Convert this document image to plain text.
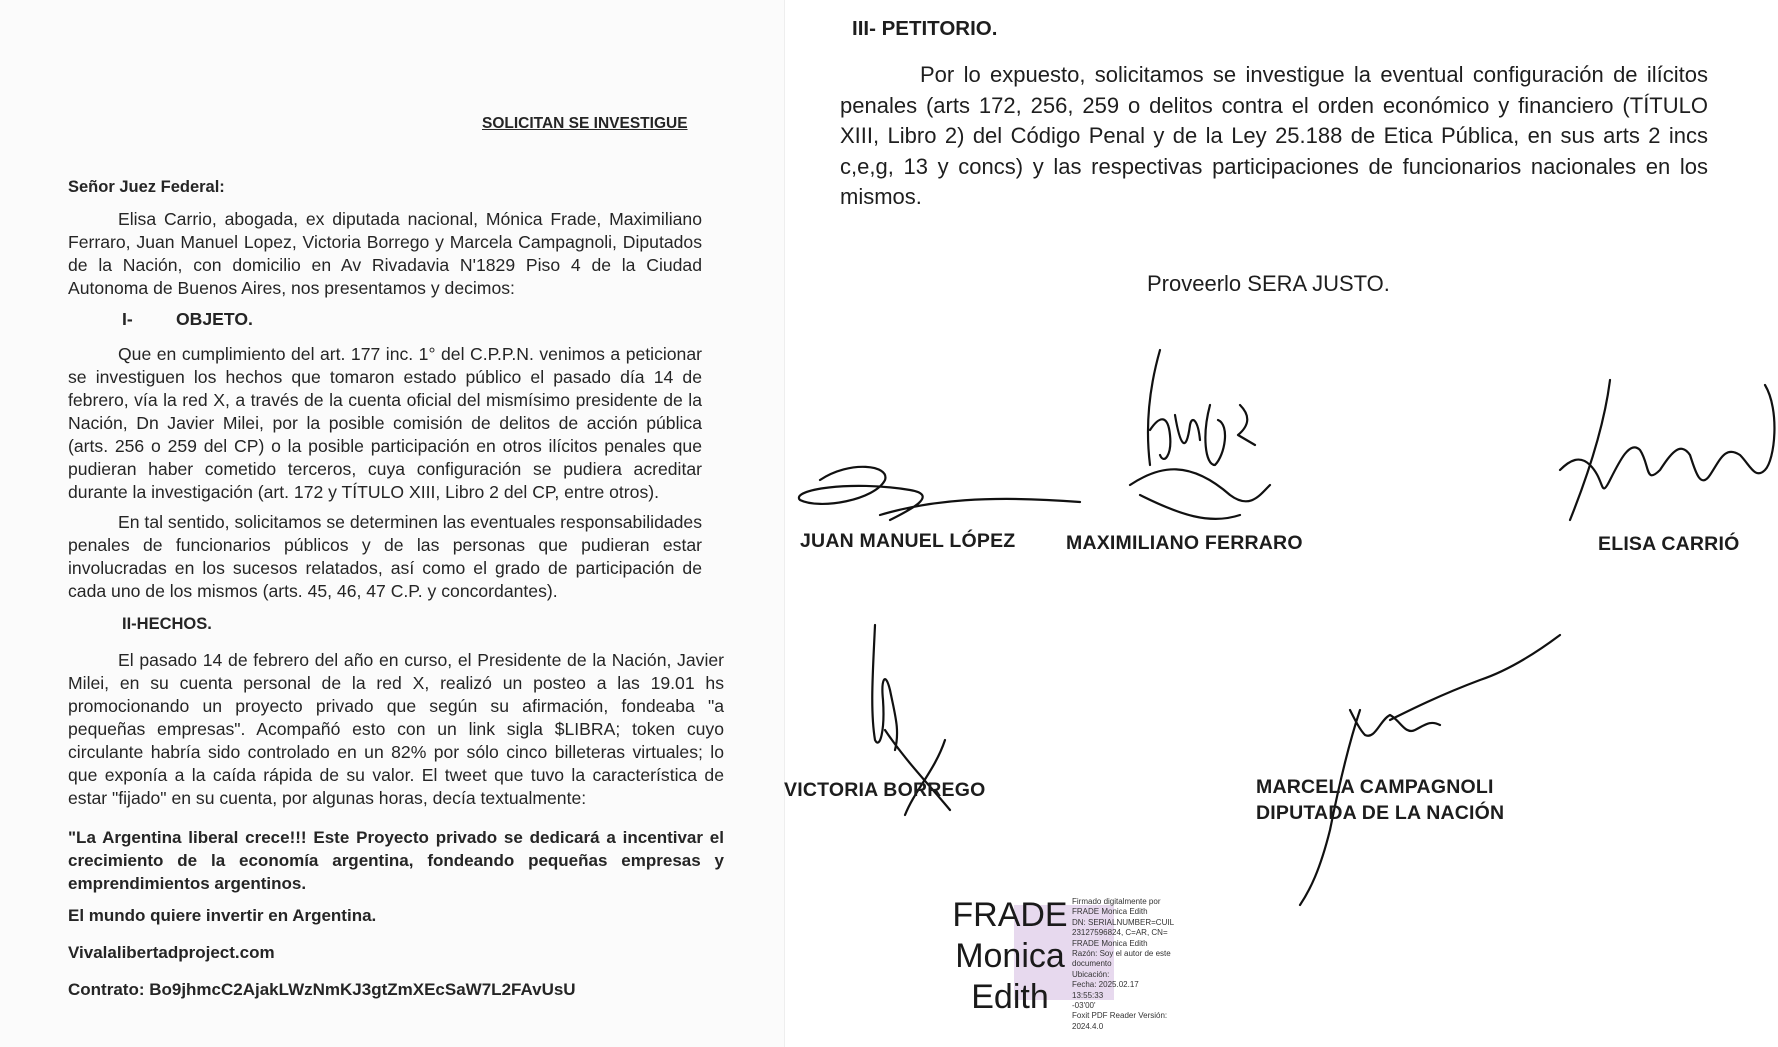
SOLICITAN SE INVESTIGUE
Señor Juez Federal:
Elisa Carrio, abogada, ex diputada nacional, Mónica Frade, Maximiliano Ferraro, Juan Manuel Lopez, Victoria Borrego y Marcela Campagnoli, Diputados de la Nación, con domicilio en Av Rivadavia N'1829 Piso 4 de la Ciudad Autonoma de Buenos Aires, nos presentamos y decimos:
I- OBJETO.
Que en cumplimiento del art. 177 inc. 1° del C.P.P.N. venimos a peticionar se investiguen los hechos que tomaron estado público el pasado día 14 de febrero, vía la red X, a través de la cuenta oficial del mismísimo presidente de la Nación, Dn Javier Milei, por la posible comisión de delitos de acción pública (arts. 256 o 259 del CP) o la posible participación en otros ilícitos penales que pudieran haber cometido terceros, cuya configuración se pudiera acreditar durante la investigación (art. 172 y TÍTULO XIII, Libro 2 del CP, entre otros).
En tal sentido, solicitamos se determinen las eventuales responsabilidades penales de funcionarios públicos y de las personas que pudieran estar involucradas en los sucesos relatados, así como el grado de participación de cada uno de los mismos (arts. 45, 46, 47 C.P. y concordantes).
II-HECHOS.
El pasado 14 de febrero del año en curso, el Presidente de la Nación, Javier Milei, en su cuenta personal de la red X, realizó un posteo a las 19.01 hs promocionando un proyecto privado que según su afirmación, fondeaba "a pequeñas empresas". Acompañó esto con un link sigla $LIBRA; token cuyo circulante habría sido controlado en un 82% por sólo cinco billeteras virtuales; lo que exponía a la caída rápida de su valor. El tweet que tuvo la característica de estar "fijado" en su cuenta, por algunas horas, decía textualmente:
"La Argentina liberal crece!!! Este Proyecto privado se dedicará a incentivar el crecimiento de la economía argentina, fondeando pequeñas empresas y emprendimientos argentinos.
El mundo quiere invertir en Argentina.
Vivalalibertadproject.com
Contrato: Bo9jhmcC2AjakLWzNmKJ3gtZmXEcSaW7L2FAvUsU
III- PETITORIO.
Por lo expuesto, solicitamos se investigue la eventual configuración de ilícitos penales (arts 172, 256, 259 o delitos contra el orden económico y financiero (TÍTULO XIII, Libro 2) del Código Penal y de la Ley 25.188 de Etica Pública, en sus arts 2 incs c,e,g, 13 y concs) y las respectivas participaciones de funcionarios nacionales en los mismos.
Proveerlo SERA JUSTO.
JUAN MANUEL LÓPEZ	MAXIMILIANO FERRARO	ELISA CARRIÓ
VICTORIA BORREGO	MARCELA CAMPAGNOLI
DIPUTADA DE LA NACIÓN
FRADE
Monica
Edith
Firmado digitalmente por
FRADE Monica Edith
DN: SERIALNUMBER=CUIL
23127596824, C=AR, CN=
FRADE Monica Edith
Razón: Soy el autor de este
documento
Ubicación:
Fecha: 2025.02.17
13:55:33
-03'00'
Foxit PDF Reader Versión:
2024.4.0
